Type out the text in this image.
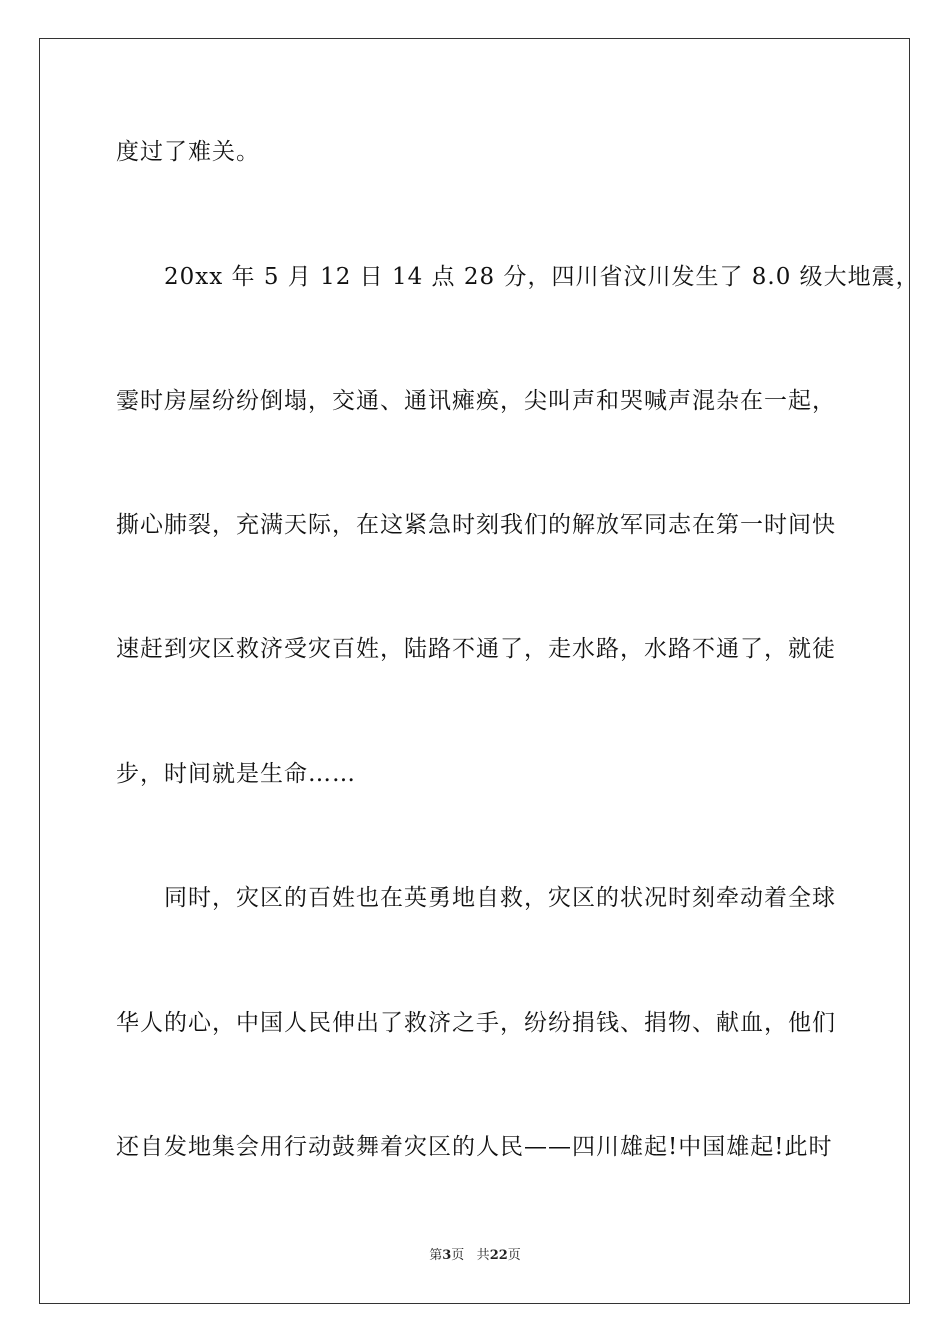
度过了难关。
20xx 年 5 月 12 日 14 点 28 分，四川省汶川发生了 8.0 级大地震，
霎时房屋纷纷倒塌，交通、通讯瘫痪，尖叫声和哭喊声混杂在一起，
撕心肺裂，充满天际，在这紧急时刻我们的解放军同志在第一时间快
速赶到灾区救济受灾百姓，陆路不通了，走水路，水路不通了，就徒
步，时间就是生命……
同时，灾区的百姓也在英勇地自救，灾区的状况时刻牵动着全球
华人的心，中国人民伸出了救济之手，纷纷捐钱、捐物、献血，他们
还自发地集会用行动鼓舞着灾区的人民——四川雄起!中国雄起!此时
第3页 共22页
